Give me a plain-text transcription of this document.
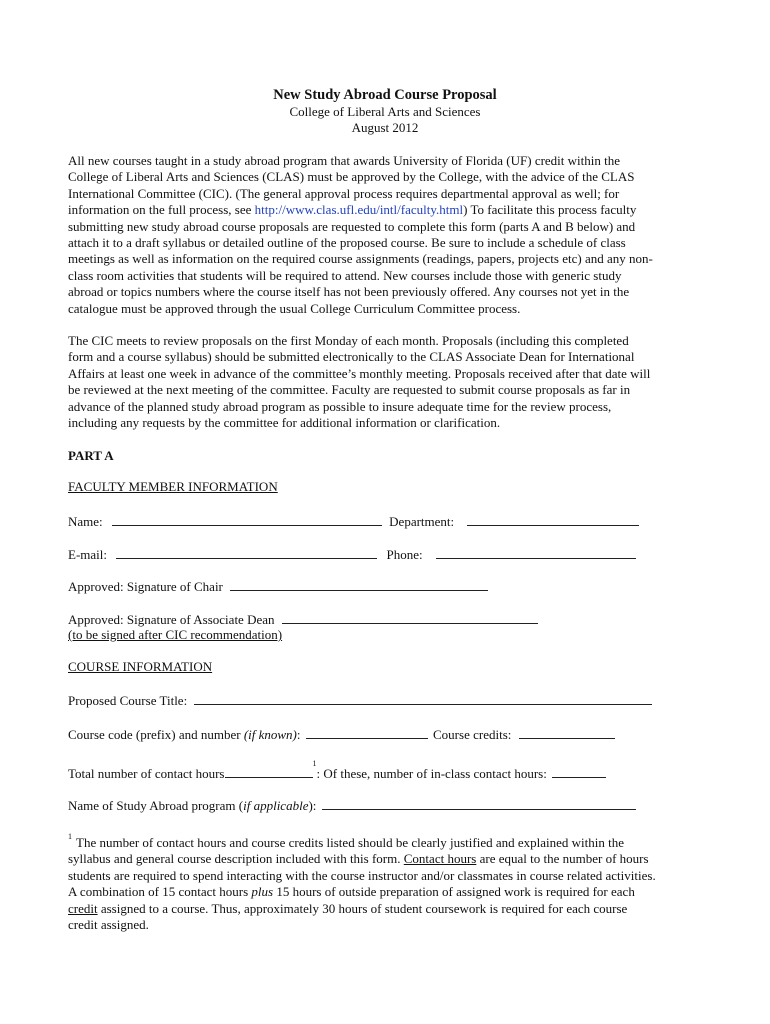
New Study Abroad Course Proposal
College of Liberal Arts and Sciences
August 2012
All new courses taught in a study abroad program that awards University of Florida (UF) credit within the
College of Liberal Arts and Sciences (CLAS) must be approved by the College, with the advice of the CLAS
International Committee (CIC). (The general approval process requires departmental approval as well; for
information on the full process, see http://www.clas.ufl.edu/intl/faculty.html) To facilitate this process faculty
submitting new study abroad course proposals are requested to complete this form (parts A and B below) and
attach it to a draft syllabus or detailed outline of the proposed course. Be sure to include a schedule of class
meetings as well as information on the required course assignments (readings, papers, projects etc) and any non-
class room activities that students will be required to attend. New courses include those with generic study
abroad or topics numbers where the course itself has not been previously offered. Any courses not yet in the
catalogue must be approved through the usual College Curriculum Committee process.
The CIC meets to review proposals on the first Monday of each month. Proposals (including this completed
form and a course syllabus) should be submitted electronically to the CLAS Associate Dean for International
Affairs at least one week in advance of the committee’s monthly meeting. Proposals received after that date will
be reviewed at the next meeting of the committee. Faculty are requested to submit course proposals as far in
advance of the planned study abroad program as possible to insure adequate time for the review process,
including any requests by the committee for additional information or clarification.
PART A
FACULTY MEMBER INFORMATION
Name:	Department:
E-mail:	Phone:
Approved: Signature of Chair
Approved: Signature of Associate Dean
(to be signed after CIC recommendation)
COURSE INFORMATION
Proposed Course Title:
Course code (prefix) and number (if known):	Course credits:
Total number of contact hours$^1$: Of these, number of in-class contact hours:
Name of Study Abroad program (if applicable):
1 The number of contact hours and course credits listed should be clearly justified and explained within the
syllabus and general course description included with this form. Contact hours are equal to the number of hours
students are required to spend interacting with the course instructor and/or classmates in course related activities.
A combination of 15 contact hours plus 15 hours of outside preparation of assigned work is required for each
credit assigned to a course. Thus, approximately 30 hours of student coursework is required for each course
credit assigned.
